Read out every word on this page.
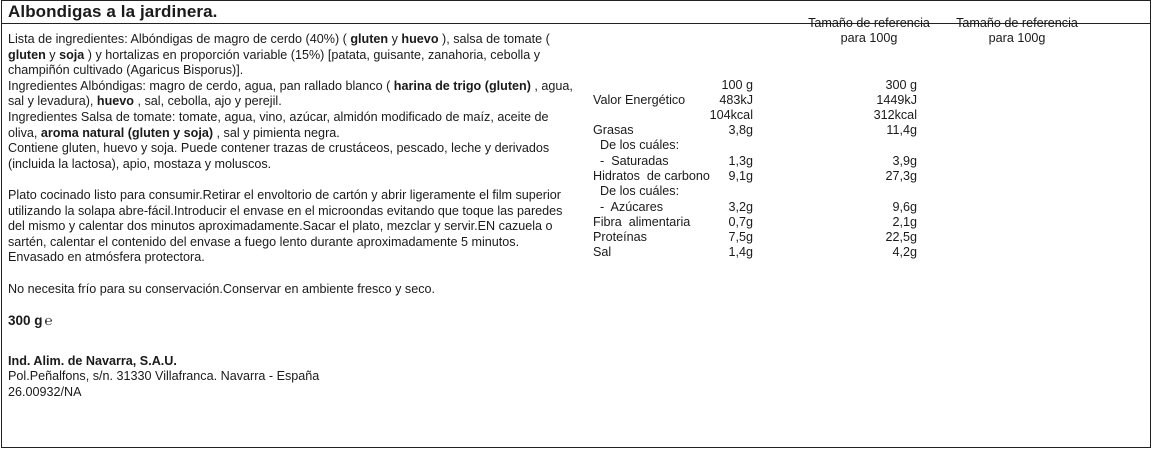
Albondigas a la jardinera.

Lista de ingredientes: Albóndigas de magro de cerdo (40%) ( gluten y huevo ), salsa de tomate ( gluten y soja ) y hortalizas en proporción variable (15%) [patata, guisante, zanahoria, cebolla y champiñón cultivado (Agaricus Bisporus)].

Ingredientes Albóndigas: magro de cerdo, agua, pan rallado blanco ( harina de trigo (gluten) , agua, sal y levadura), huevo , sal, cebolla, ajo y perejil.

Ingredientes Salsa de tomate: tomate, agua, vino, azúcar, almidón modificado de maíz, aceite de oliva, aroma natural (gluten y soja) , sal y pimienta negra.

Contiene gluten, huevo y soja. Puede contener trazas de crustáceos, pescado, leche y derivados (incluida la lactosa), apio, mostaza y moluscos.

Plato cocinado listo para consumir.Retirar el envoltorio de cartón y abrir ligeramente el film superior utilizando la solapa abre-fácil.Introducir el envase en el microondas evitando que toque las paredes del mismo y calentar dos minutos aproximadamente.Sacar el plato, mezclar y servir.EN cazuela o sartén, calentar el contenido del envase a fuego lento durante aproximadamente 5 minutos.

Envasado en atmósfera protectora.

No necesita frío para su conservación.Conservar en ambiente fresco y seco.

300 g ℮

Ind. Alim. de Navarra, S.A.U.

Pol.Peñalfons, s/n. 31330 Villafranca. Navarra - España

26.00932/NA

Tamaño de referencia
para 100g
Tamaño de referencia
para 100g
100 g	300 g
Valor Energético	483kJ	1449kJ
104kcal	312kcal
Grasas	3,8g	11,4g
De los cuáles:
-  Saturadas	1,3g	3,9g
Hidratos  de carbono 9,1g	27,3g
De los cuáles:
-  Azúcares	3,2g	9,6g
Fibra  alimentaria	0,7g	2,1g
Proteínas	7,5g	22,5g
Sal	1,4g	4,2g
